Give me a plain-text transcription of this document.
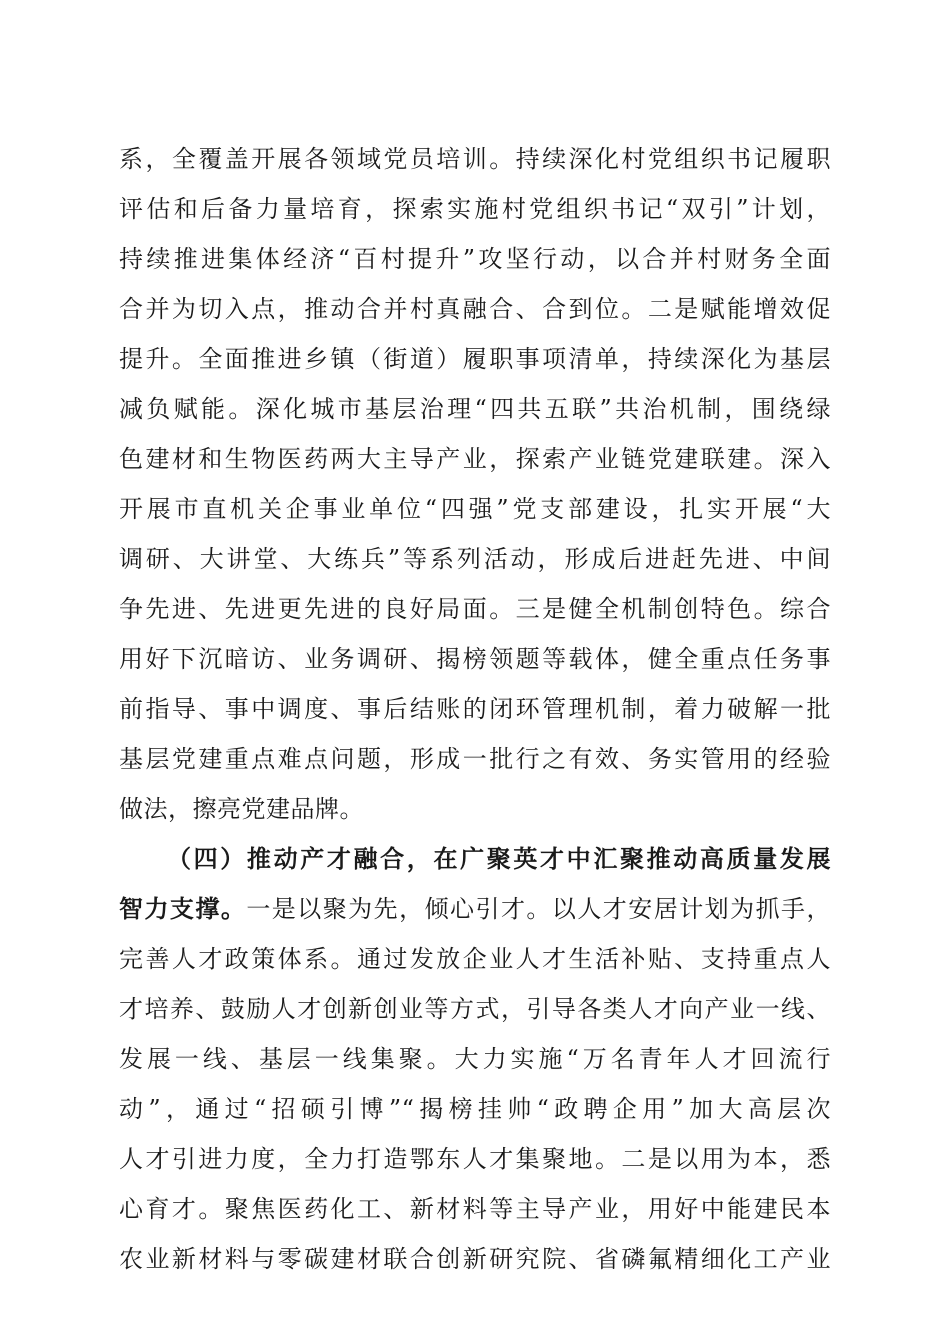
系，全覆盖开展各领域党员培训。持续深化村党组织书记履职
评估和后备力量培育，探索实施村党组织书记“双引”计划，
持续推进集体经济“百村提升”攻坚行动，以合并村财务全面
合并为切入点，推动合并村真融合、合到位。二是赋能增效促
提升。全面推进乡镇（街道）履职事项清单，持续深化为基层
减负赋能。深化城市基层治理“四共五联”共治机制，围绕绿
色建材和生物医药两大主导产业，探索产业链党建联建。深入
开展市直机关企事业单位“四强”党支部建设，扎实开展“大
调研、大讲堂、大练兵”等系列活动，形成后进赶先进、中间
争先进、先进更先进的良好局面。三是健全机制创特色。综合
用好下沉暗访、业务调研、揭榜领题等载体，健全重点任务事
前指导、事中调度、事后结账的闭环管理机制，着力破解一批
基层党建重点难点问题，形成一批行之有效、务实管用的经验
做法，擦亮党建品牌。
（四）推动产才融合，在广聚英才中汇聚推动高质量发展
智力支撑。一是以聚为先，倾心引才。以人才安居计划为抓手，
完善人才政策体系。通过发放企业人才生活补贴、支持重点人
才培养、鼓励人才创新创业等方式，引导各类人才向产业一线、
发展一线、基层一线集聚。大力实施“万名青年人才回流行
动”，通过“招硕引博”“揭榜挂帅“政聘企用”加大高层次
人才引进力度，全力打造鄂东人才集聚地。二是以用为本，悉
心育才。聚焦医药化工、新材料等主导产业，用好中能建民本
农业新材料与零碳建材联合创新研究院、省磷氟精细化工产业
